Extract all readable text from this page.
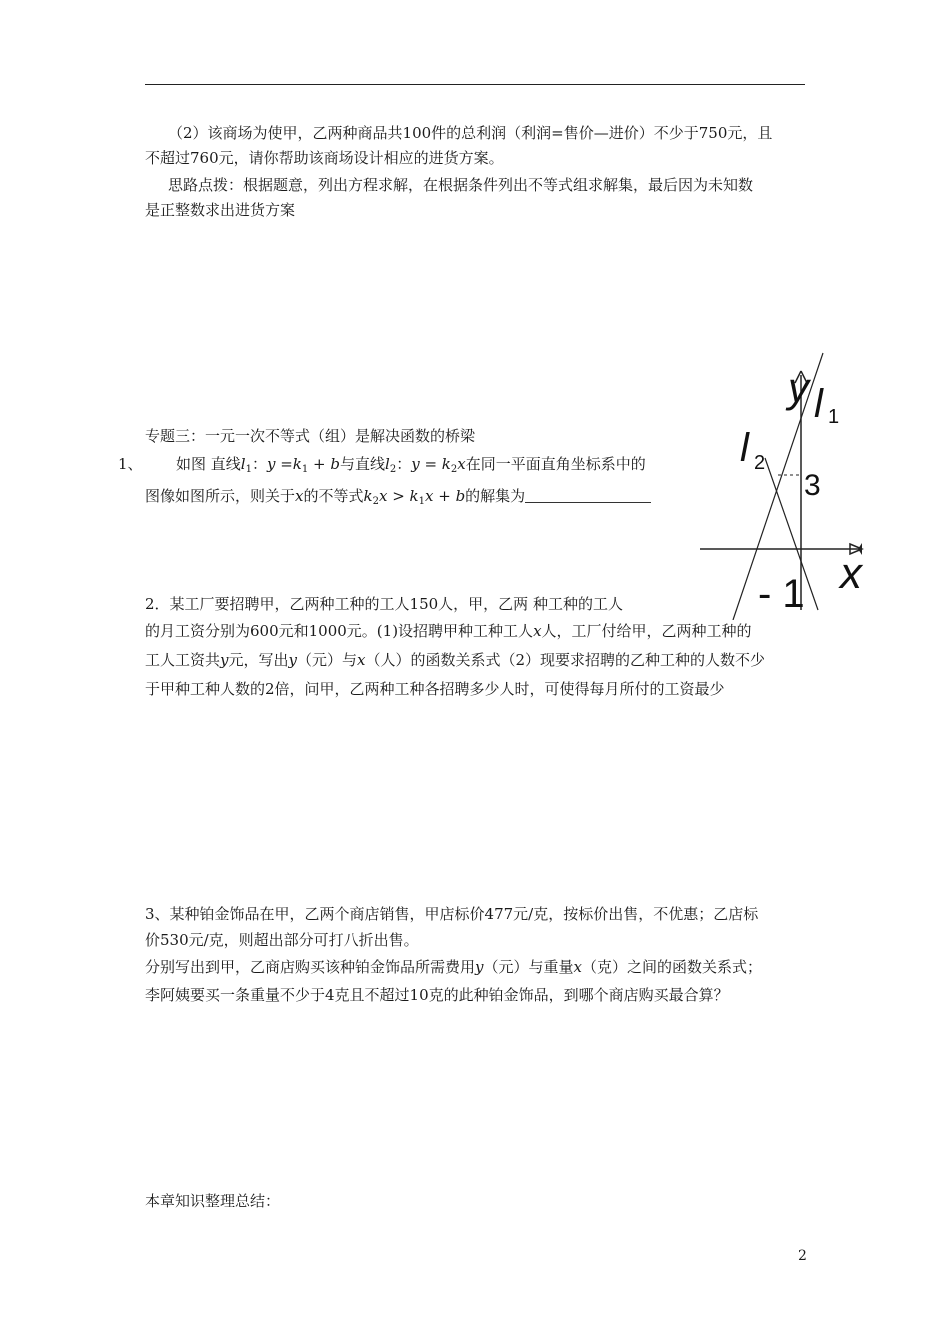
（2）该商场为使甲，乙两种商品共100件的总利润（利润=售价—进价）不少于750元，且
不超过760元，请你帮助该商场设计相应的进货方案。
思路点拨：根据题意，列出方程求解，在根据条件列出不等式组求解集，最后因为未知数
是正整数求出进货方案
专题三：一元一次不等式（组）是解决函数的桥梁
1、 如图 直线$l_1$：$y =k_1 + b$与直线$l_2$：$y = k_2x$在同一平面直角坐标系中的
图像如图所示，则关于x的不等式$k_2x > k_1x + b$的解集为
y l 1
l 2
3
x
- 1
2．某工厂要招聘甲，乙两种工种的工人150人，甲，乙两 种工种的工人
的月工资分别为600元和1000元。(1)设招聘甲种工种工人x人，工厂付给甲，乙两种工种的
工人工资共y元，写出y（元）与x（人）的函数关系式（2）现要求招聘的乙种工种的人数不少
于甲种工种人数的2倍，问甲，乙两种工种各招聘多少人时，可使得每月所付的工资最少
3、某种铂金饰品在甲，乙两个商店销售，甲店标价477元/克，按标价出售，不优惠；乙店标
价530元/克，则超出部分可打八折出售。
分别写出到甲，乙商店购买该种铂金饰品所需费用y（元）与重量x（克）之间的函数关系式；
李阿姨要买一条重量不少于4克且不超过10克的此种铂金饰品，到哪个商店购买最合算？
本章知识整理总结：
2
